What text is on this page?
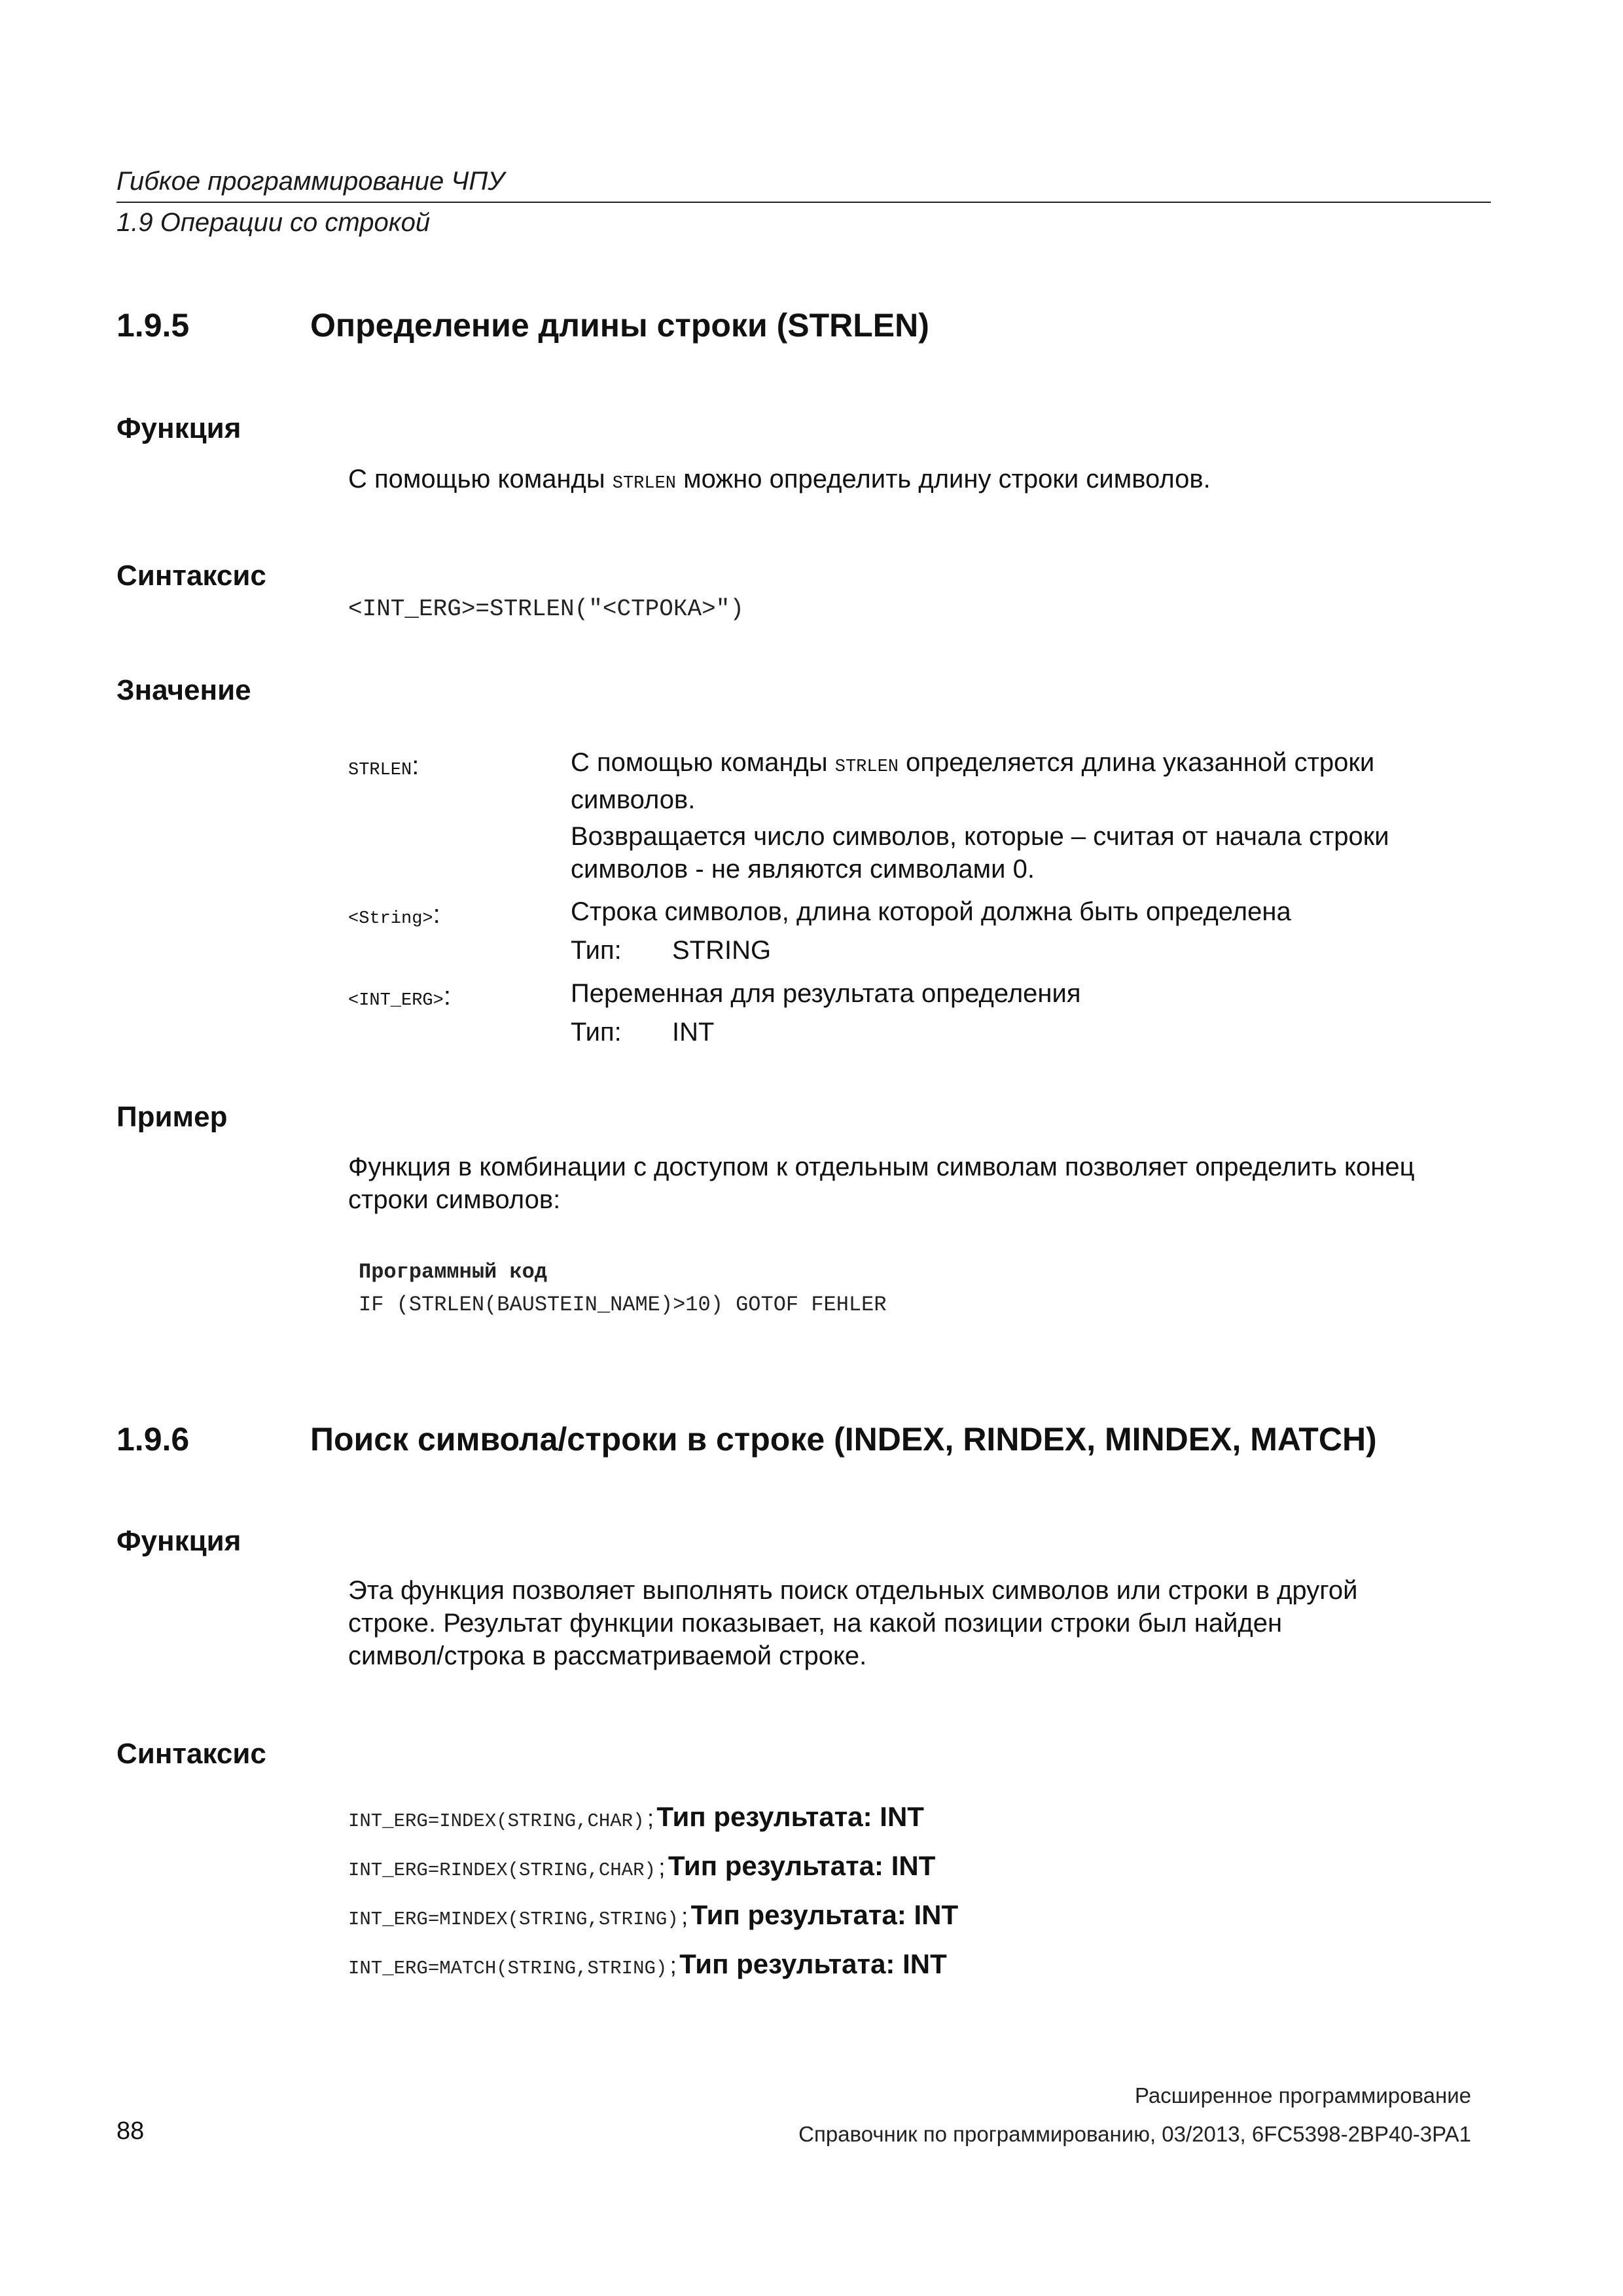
Гибкое программирование ЧПУ
1.9 Операции со строкой
1.9.5	Определение длины строки (STRLEN)
Функция
С помощью команды STRLEN можно определить длину строки символов.
Синтаксис
<INT_ERG>=STRLEN("<СТРОКА>")
Значение
STRLEN:	С помощью команды STRLEN определяется длина указанной строки
символов.
Возвращается число символов, которые – считая от начала строки
символов - не являются символами 0.
<String>:	Строка символов, длина которой должна быть определена
Тип: STRING
<INT_ERG>:	Переменная для результата определения
Тип: INT
Пример
Функция в комбинации с доступом к отдельным символам позволяет определить конец
строки символов:
Программный код
IF (STRLEN(BAUSTEIN_NAME)>10) GOTOF FEHLER
1.9.6	Поиск символа/строки в строке (INDEX, RINDEX, MINDEX, MATCH)
Функция
Эта функция позволяет выполнять поиск отдельных символов или строки в другой
строке. Результат функции показывает, на какой позиции строки был найден
символ/строка в рассматриваемой строке.
Синтаксис
INT_ERG=INDEX(STRING,CHAR) ; Тип результата: INT
INT_ERG=RINDEX(STRING,CHAR) ; Тип результата: INT
INT_ERG=MINDEX(STRING,STRING) ; Тип результата: INT
INT_ERG=MATCH(STRING,STRING) ; Тип результата: INT
Расширенное программирование
88	Справочник по программированию, 03/2013, 6FC5398-2BP40-3PA1
